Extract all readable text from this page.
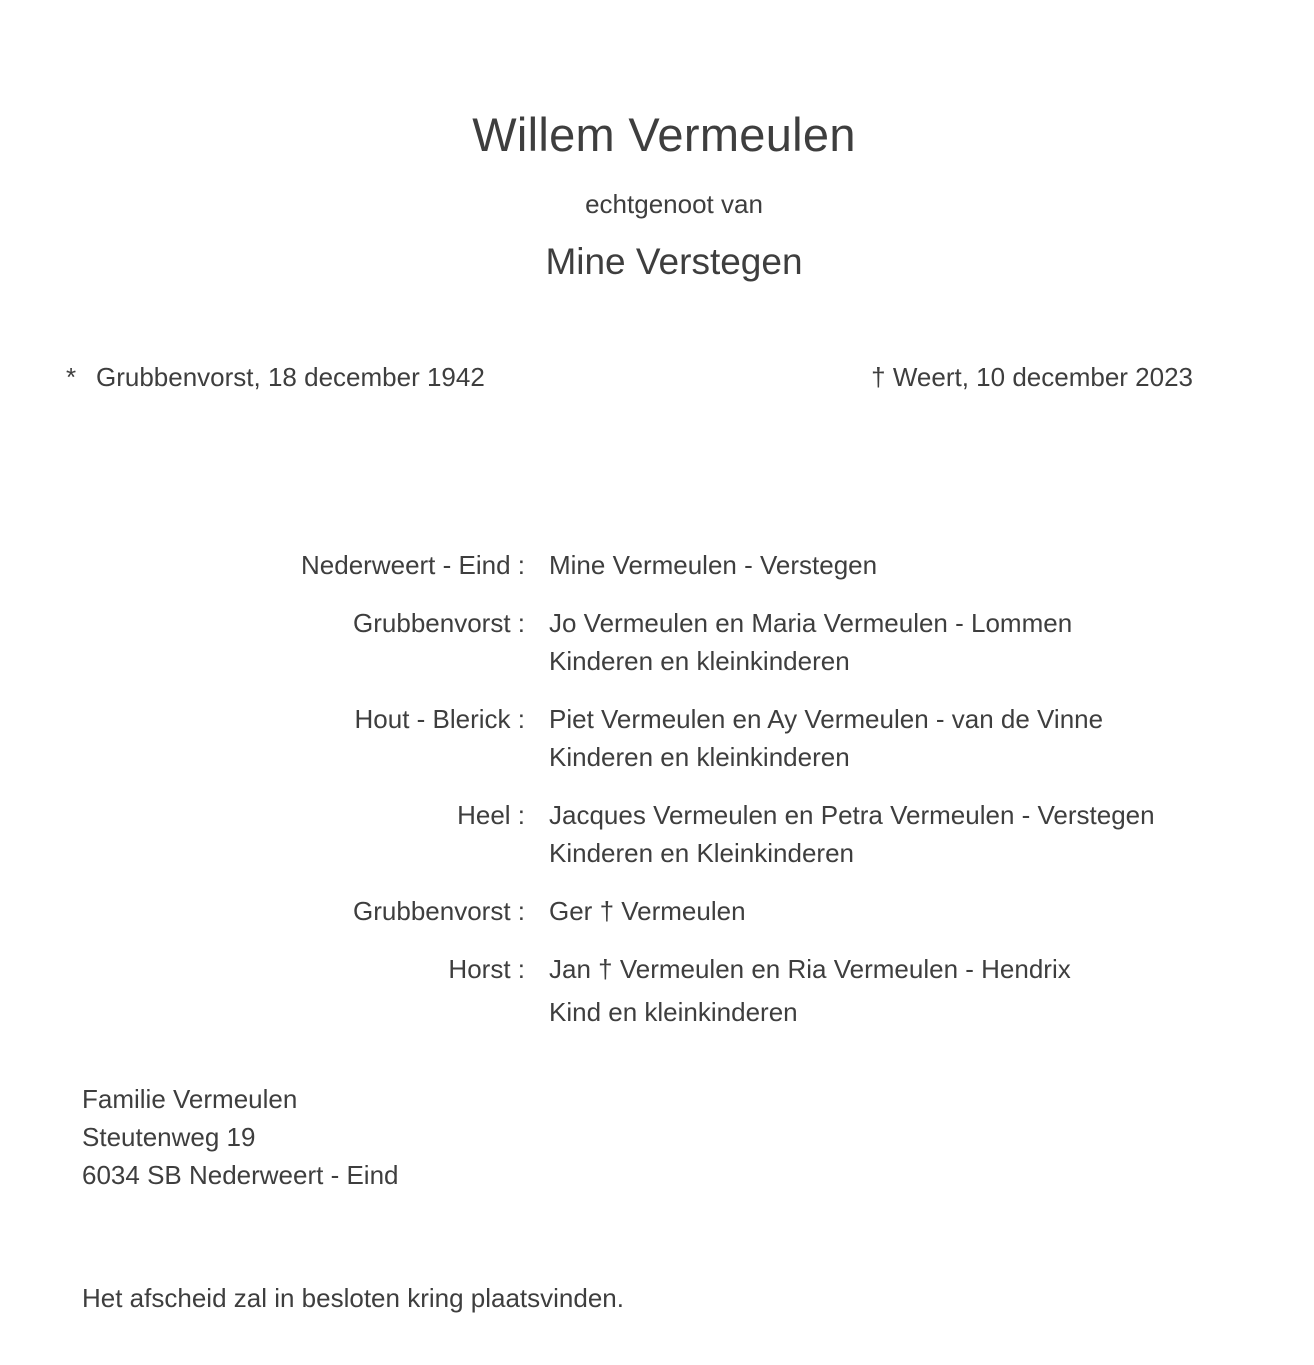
Willem Vermeulen
echtgenoot van
Mine Verstegen
* Grubbenvorst, 18 december 1942	† Weert, 10 december 2023
Nederweert - Eind : Mine Vermeulen - Verstegen
Grubbenvorst : Jo Vermeulen en Maria Vermeulen - Lommen
Kinderen en kleinkinderen
Hout - Blerick : Piet Vermeulen en Ay Vermeulen - van de Vinne
Kinderen en kleinkinderen
Heel : Jacques Vermeulen en Petra Vermeulen - Verstegen
Kinderen en Kleinkinderen
Grubbenvorst : Ger † Vermeulen
Horst : Jan † Vermeulen en Ria Vermeulen - Hendrix
Kind en kleinkinderen
Familie Vermeulen
Steutenweg 19
6034 SB Nederweert - Eind
Het afscheid zal in besloten kring plaatsvinden.
